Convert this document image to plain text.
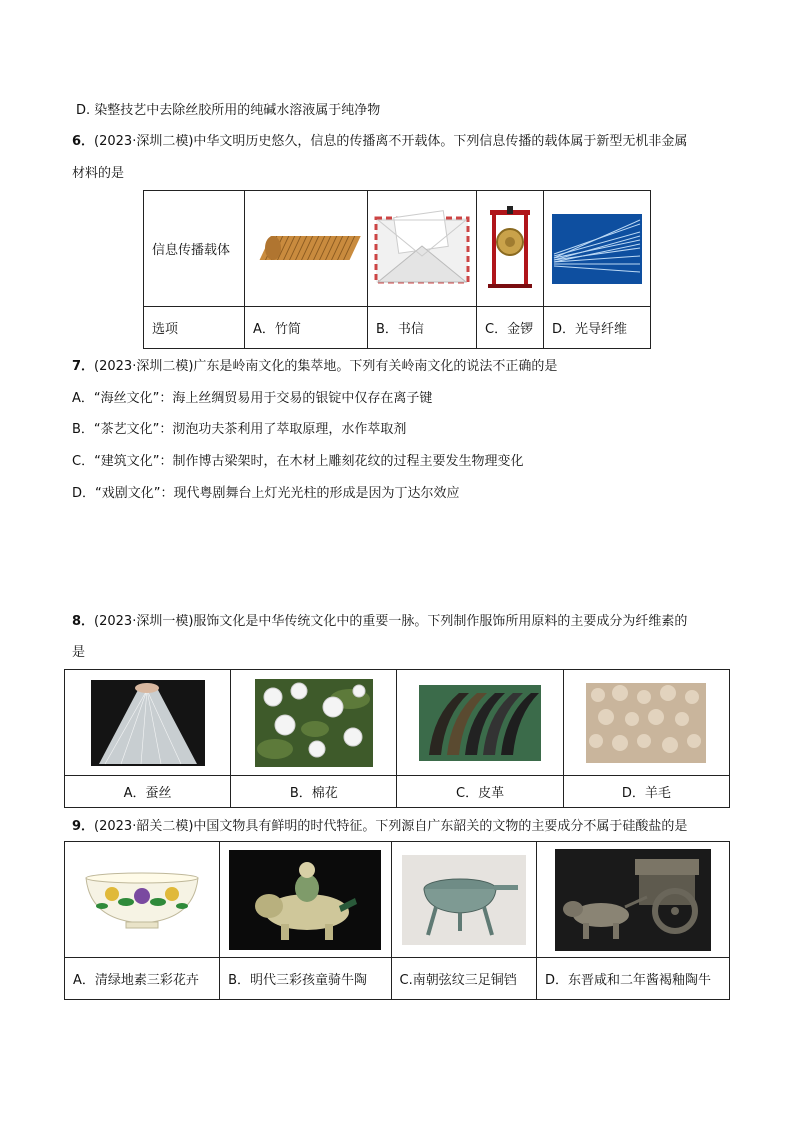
D. 染整技艺中去除丝胶所用的纯碱水溶液属于纯净物
6．(2023·深圳二模)中华文明历史悠久，信息的传播离不开载体。下列信息传播的载体属于新型无机非金属
材料的是
信息传播载体	

选项	A．竹简	B．书信	C．金锣	D．光导纤维
7．(2023·深圳二模)广东是岭南文化的集萃地。下列有关岭南文化的说法不正确的是
A．“海丝文化”：海上丝绸贸易用于交易的银锭中仅存在离子键
B．“茶艺文化”：沏泡功夫茶利用了萃取原理，水作萃取剂
C．“建筑文化”：制作博古梁架时，在木材上雕刻花纹的过程主要发生物理变化
D．“戏剧文化”：现代粤剧舞台上灯光光柱的形成是因为丁达尔效应
8．(2023·深圳一模)服饰文化是中华传统文化中的重要一脉。下列制作服饰所用原料的主要成分为纤维素的
是

A．蚕丝	B．棉花	C．皮革	D．羊毛
9．(2023·韶关二模)中国文物具有鲜明的时代特征。下列源自广东韶关的文物的主要成分不属于硅酸盐的是

A．清绿地素三彩花卉	B．明代三彩孩童骑牛陶	C.南朝弦纹三足铜铛	D．东晋咸和二年酱褐釉陶牛
